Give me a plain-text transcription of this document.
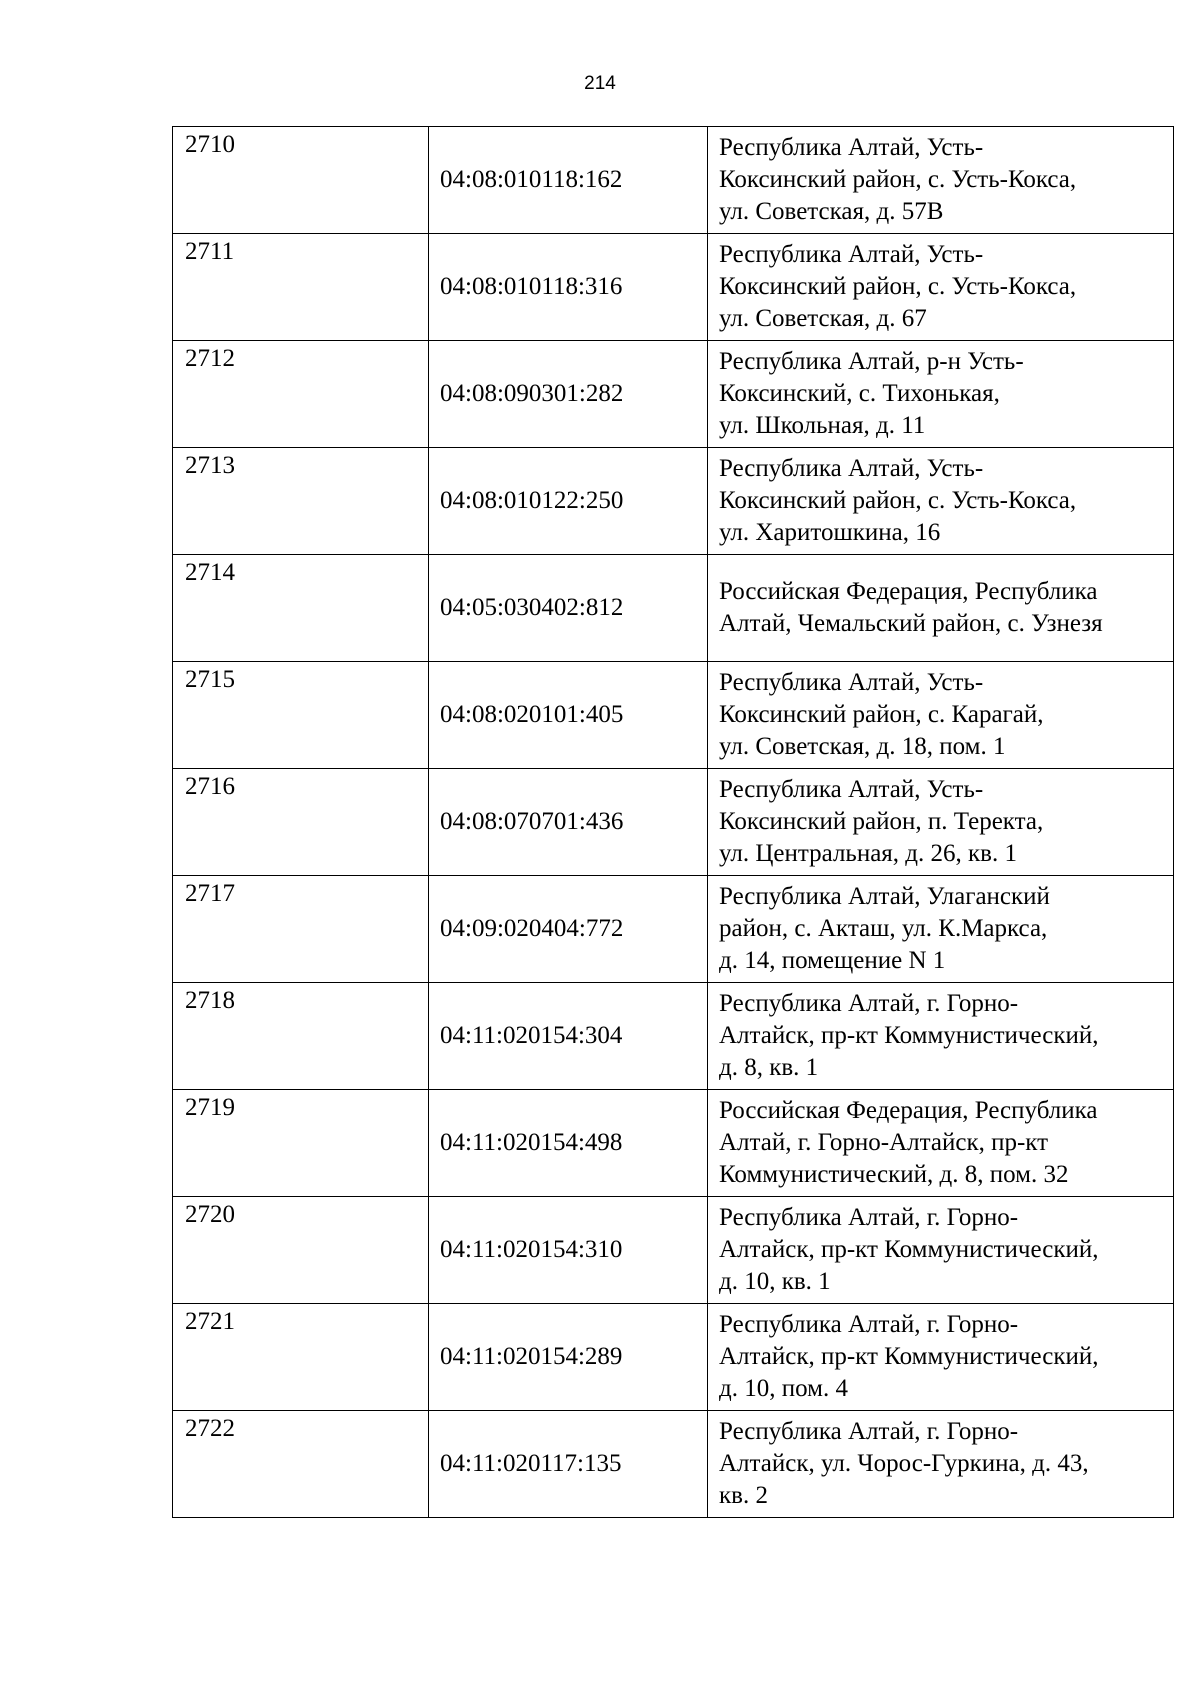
214
2710	04:08:010118:162	Республика Алтай, Усть-
Коксинский район, с. Усть-Кокса,
ул. Советская, д. 57В

2711	04:08:010118:316	Республика Алтай, Усть-
Коксинский район, с. Усть-Кокса,
ул. Советская, д. 67

2712	04:08:090301:282	Республика Алтай, р-н Усть-
Коксинский, с. Тихонькая,
ул. Школьная, д. 11

2713	04:08:010122:250	Республика Алтай, Усть-
Коксинский район, с. Усть-Кокса,
ул. Харитошкина, 16

2714	04:05:030402:812	Российская Федерация, Республика
Алтай, Чемальский район, с. Узнезя

2715	04:08:020101:405	Республика Алтай, Усть-
Коксинский район, с. Карагай,
ул. Советская, д. 18, пом. 1

2716	04:08:070701:436	Республика Алтай, Усть-
Коксинский район, п. Теректа,
ул. Центральная, д. 26, кв. 1

2717	04:09:020404:772	Республика Алтай, Улаганский
район, с. Акташ, ул. К.Маркса,
д. 14, помещение N 1

2718	04:11:020154:304	Республика Алтай, г. Горно-
Алтайск, пр-кт Коммунистический,
д. 8, кв. 1

2719	04:11:020154:498	Российская Федерация, Республика
Алтай, г. Горно-Алтайск, пр-кт
Коммунистический, д. 8, пом. 32

2720	04:11:020154:310	Республика Алтай, г. Горно-
Алтайск, пр-кт Коммунистический,
д. 10, кв. 1

2721	04:11:020154:289	Республика Алтай, г. Горно-
Алтайск, пр-кт Коммунистический,
д. 10, пом. 4

2722	04:11:020117:135	Республика Алтай, г. Горно-
Алтайск, ул. Чорос-Гуркина, д. 43,
кв. 2
